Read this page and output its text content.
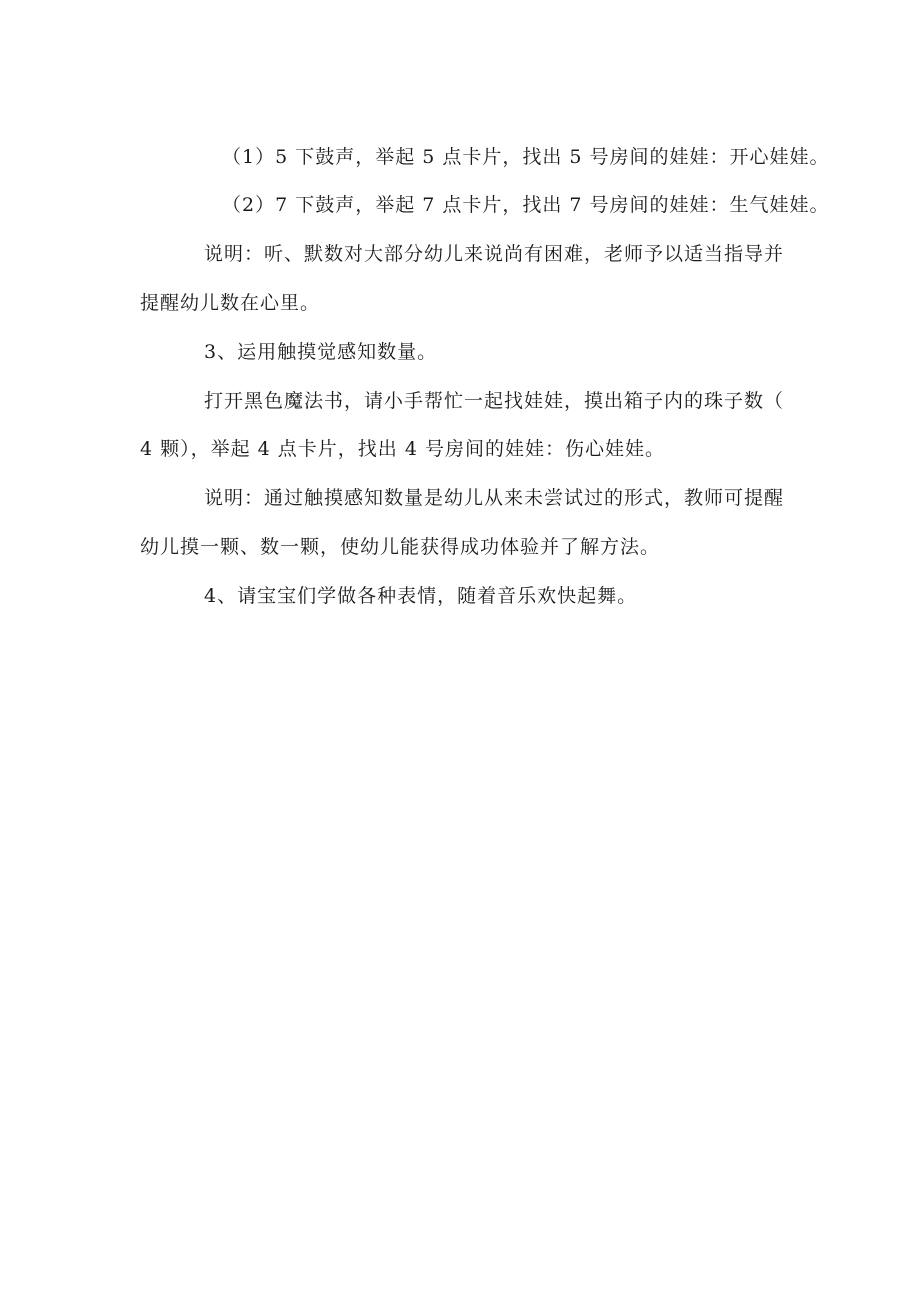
（1）5 下鼓声，举起 5 点卡片，找出 5 号房间的娃娃：开心娃娃。
（2）7 下鼓声，举起 7 点卡片，找出 7 号房间的娃娃：生气娃娃。
说明：听、默数对大部分幼儿来说尚有困难，老师予以适当指导并
提醒幼儿数在心里。
3、运用触摸觉感知数量。
打开黑色魔法书，请小手帮忙一起找娃娃，摸出箱子内的珠子数（
4 颗），举起 4 点卡片，找出 4 号房间的娃娃：伤心娃娃。
说明：通过触摸感知数量是幼儿从来未尝试过的形式，教师可提醒
幼儿摸一颗、数一颗，使幼儿能获得成功体验并了解方法。
4、请宝宝们学做各种表情，随着音乐欢快起舞。
